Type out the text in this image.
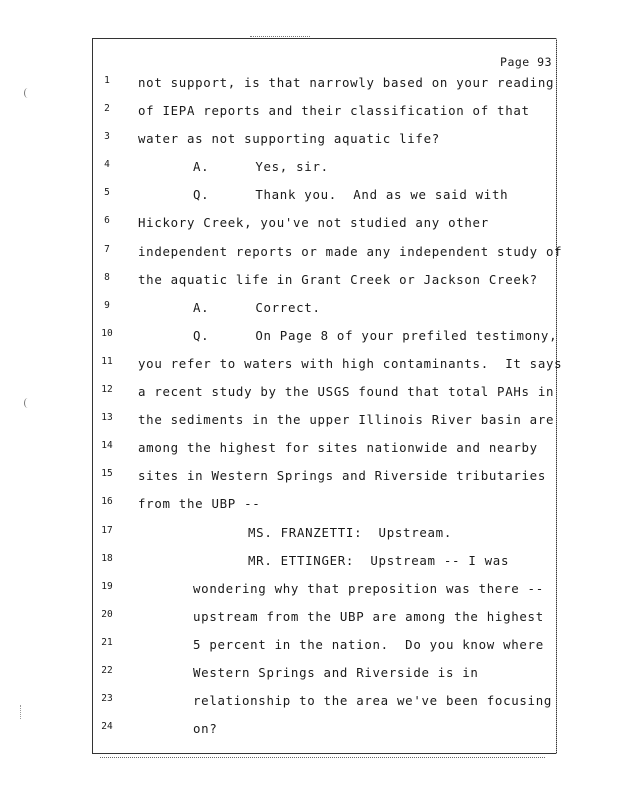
Page 93
1	not support, is that narrowly based on your reading
2	of IEPA reports and their classification of that
3	water as not supporting aquatic life?
4	A.	Yes, sir.
5	Q.	Thank you.  And as we said with
6	Hickory Creek, you've not studied any other
7	independent reports or made any independent study of
8	the aquatic life in Grant Creek or Jackson Creek?
9	A.	Correct.
10	Q.	On Page 8 of your prefiled testimony,
11 you refer to waters with high contaminants.  It says
12 a recent study by the USGS found that total PAHs in
13 the sediments in the upper Illinois River basin are
14 among the highest for sites nationwide and nearby
15 sites in Western Springs and Riverside tributaries
16 from the UBP --
17	MS. FRANZETTI:  Upstream.
18	MR. ETTINGER:  Upstream -- I was
19	wondering why that preposition was there --
20	upstream from the UBP are among the highest
21	5 percent in the nation.  Do you know where
22	Western Springs and Riverside is in
23	relationship to the area we've been focusing
24	on?
